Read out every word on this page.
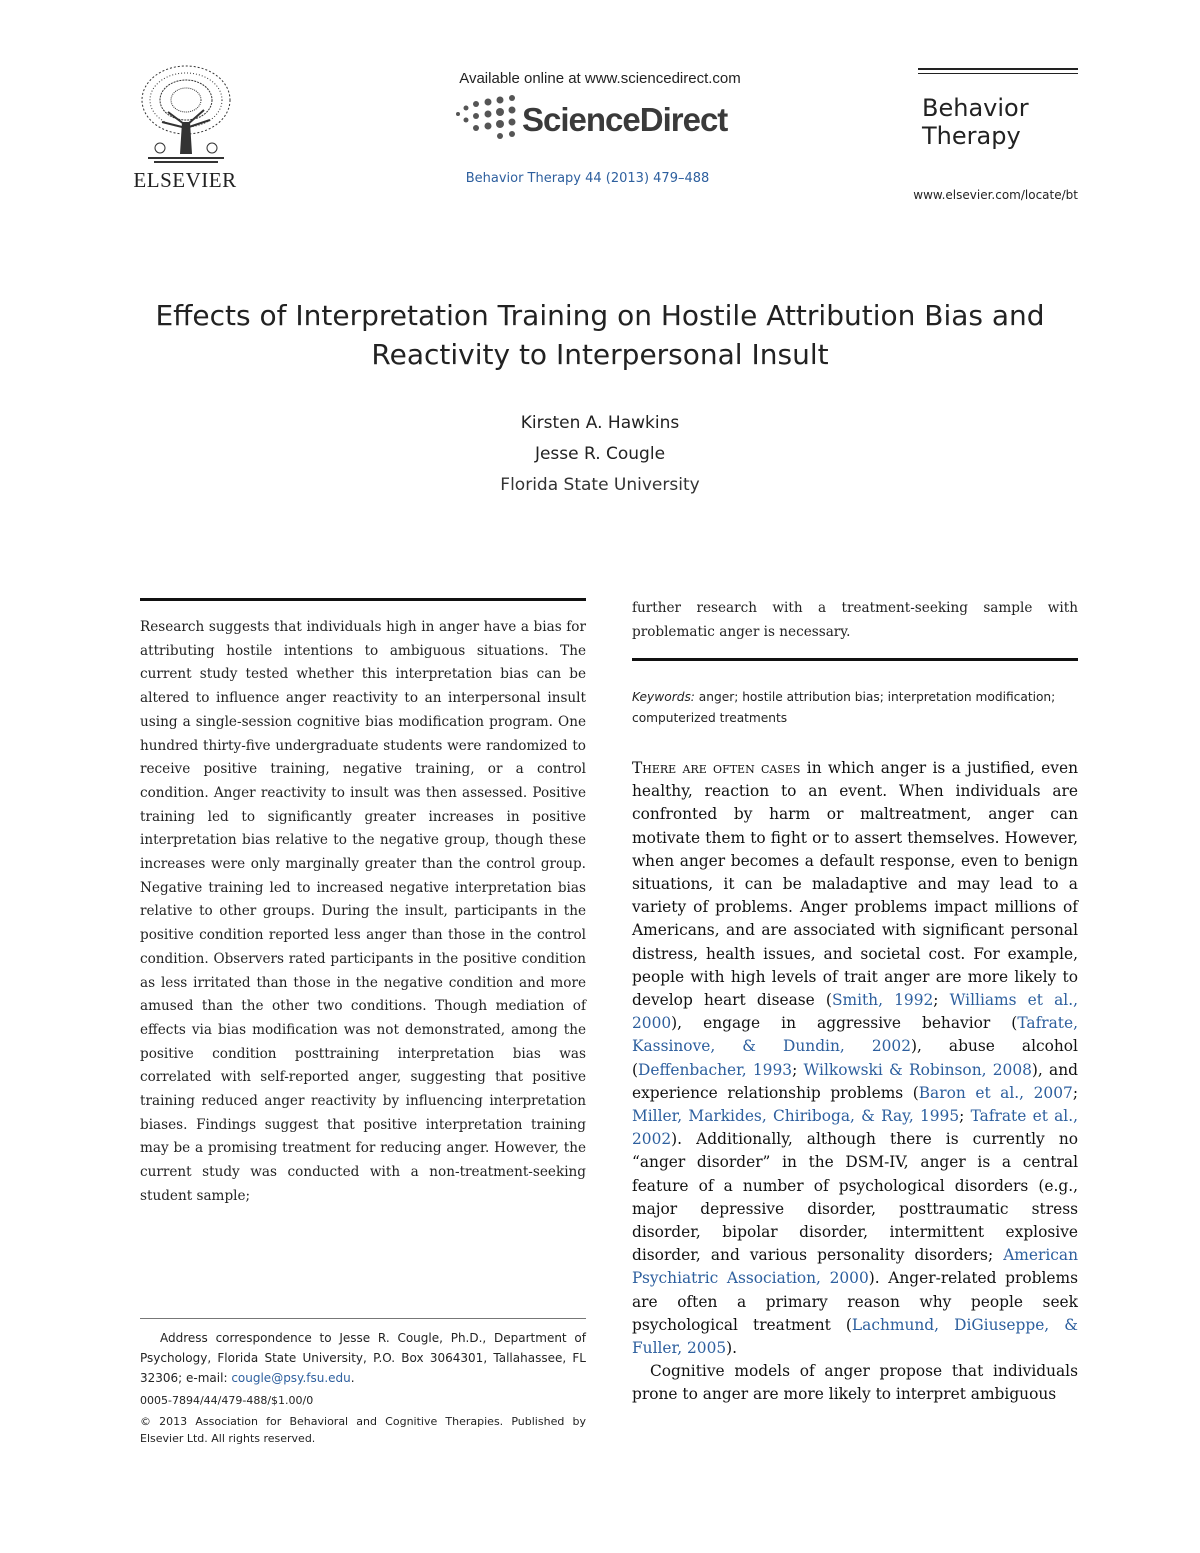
ELSEVIER
Available online at www.sciencedirect.com
ScienceDirect
Behavior Therapy 44 (2013) 479–488
Behavior
Therapy
www.elsevier.com/locate/bt
Effects of Interpretation Training on Hostile Attribution Bias and
Reactivity to Interpersonal Insult
Kirsten A. Hawkins
Jesse R. Cougle
Florida State University
Research suggests that individuals high in anger have a bias for attributing hostile intentions to ambiguous situations. The current study tested whether this interpretation bias can be altered to influence anger reactivity to an interpersonal insult using a single-session cognitive bias modification program. One hundred thirty-five undergraduate students were randomized to receive positive training, negative training, or a control condition. Anger reactivity to insult was then assessed. Positive training led to significantly greater increases in positive interpretation bias relative to the negative group, though these increases were only marginally greater than the control group. Negative training led to increased negative interpretation bias relative to other groups. During the insult, participants in the positive condition reported less anger than those in the control condition. Observers rated participants in the positive condition as less irritated than those in the negative condition and more amused than the other two conditions. Though mediation of effects via bias modification was not demonstrated, among the positive condition posttraining interpretation bias was correlated with self-reported anger, suggesting that positive training reduced anger reactivity by influencing interpretation biases. Findings suggest that positive interpretation training may be a promising treatment for reducing anger. However, the current study was conducted with a non-treatment-seeking student sample;
further research with a treatment-seeking sample with problematic anger is necessary.
Keywords: anger; hostile attribution bias; interpretation modification; computerized treatments

There are often cases in which anger is a justified, even healthy, reaction to an event. When individuals are confronted by harm or maltreatment, anger can motivate them to fight or to assert themselves. However, when anger becomes a default response, even to benign situations, it can be maladaptive and may lead to a variety of problems. Anger problems impact millions of Americans, and are associated with significant personal distress, health issues, and societal cost. For example, people with high levels of trait anger are more likely to develop heart disease (Smith, 1992; Williams et al., 2000), engage in aggressive behavior (Tafrate, Kassinove, & Dundin, 2002), abuse alcohol (Deffenbacher, 1993; Wilkowski & Robinson, 2008), and experience relationship problems (Baron et al., 2007; Miller, Markides, Chiriboga, & Ray, 1995; Tafrate et al., 2002). Additionally, although there is currently no “anger disorder” in the DSM-IV, anger is a central feature of a number of psychological disorders (e.g., major depressive disorder, posttraumatic stress disorder, bipolar disorder, intermittent explosive disorder, and various personality disorders; American Psychiatric Association, 2000). Anger-related problems are often a primary reason why people seek psychological treatment (Lachmund, DiGiuseppe, & Fuller, 2005).

Cognitive models of anger propose that individuals prone to anger are more likely to interpret ambiguous

Address correspondence to Jesse R. Cougle, Ph.D., Department of Psychology, Florida State University, P.O. Box 3064301, Tallahassee, FL 32306; e-mail: cougle@psy.fsu.edu.

0005-7894/44/479-488/$1.00/0

© 2013 Association for Behavioral and Cognitive Therapies. Published by Elsevier Ltd. All rights reserved.
